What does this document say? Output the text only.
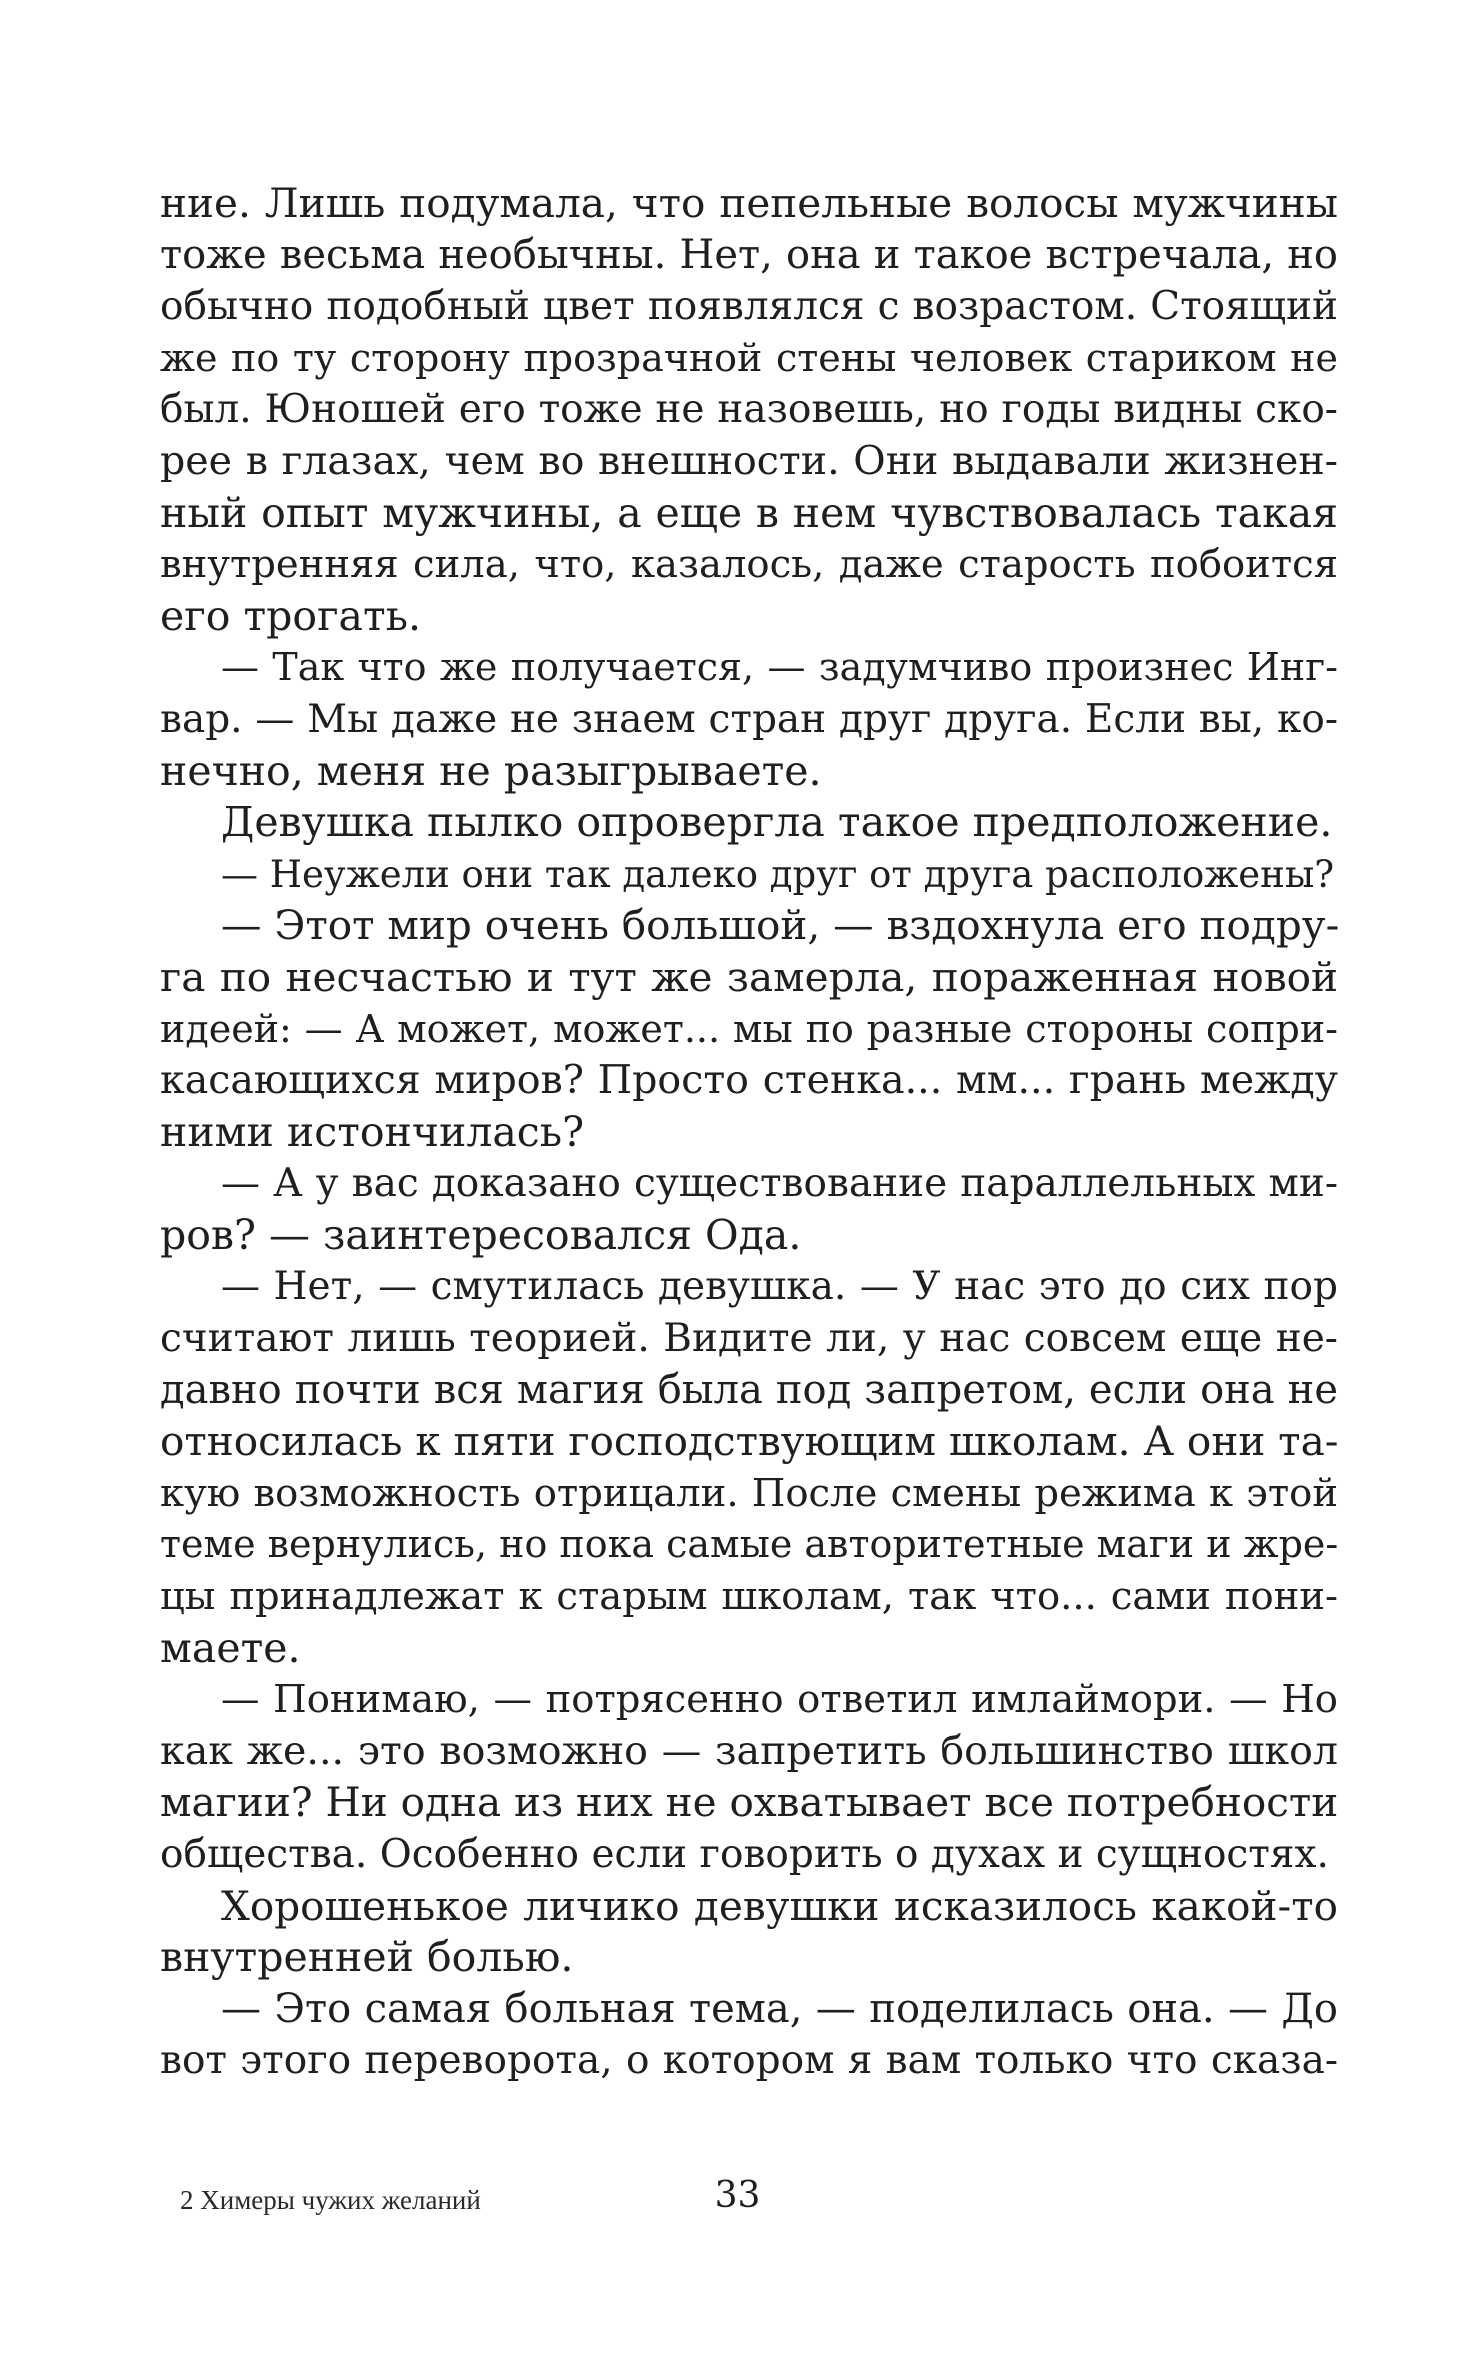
ние. Лишь подумала, что пепельные волосы мужчины
тоже весьма необычны. Нет, она и такое встречала, но
обычно подобный цвет появлялся с возрастом. Стоящий
же по ту сторону прозрачной стены человек стариком не
был. Юношей его тоже не назовешь, но годы видны ско-
рее в глазах, чем во внешности. Они выдавали жизнен-
ный опыт мужчины, а еще в нем чувствовалась такая
внутренняя сила, что, казалось, даже старость побоится
его трогать.
— Так что же получается, — задумчиво произнес Инг-
вар. — Мы даже не знаем стран друг друга. Если вы, ко-
нечно, меня не разыгрываете.
Девушка пылко опровергла такое предположение.
— Неужели они так далеко друг от друга расположены?
— Этот мир очень большой, — вздохнула его подру-
га по несчастью и тут же замерла, пораженная новой
идеей: — А может, может... мы по разные стороны сопри-
касающихся миров? Просто стенка... мм... грань между
ними истончилась?
— А у вас доказано существование параллельных ми-
ров? — заинтересовался Ода.
— Нет, — смутилась девушка. — У нас это до сих пор
считают лишь теорией. Видите ли, у нас совсем еще не-
давно почти вся магия была под запретом, если она не
относилась к пяти господствующим школам. А они та-
кую возможность отрицали. После смены режима к этой
теме вернулись, но пока самые авторитетные маги и жре-
цы принадлежат к старым школам, так что... сами пони-
маете.
— Понимаю, — потрясенно ответил имлаймори. — Но
как же... это возможно — запретить большинство школ
магии? Ни одна из них не охватывает все потребности
общества. Особенно если говорить о духах и сущностях.
Хорошенькое личико девушки исказилось какой-то
внутренней болью.
— Это самая больная тема, — поделилась она. — До
вот этого переворота, о котором я вам только что сказа-
2 Химеры чужих желаний	33
